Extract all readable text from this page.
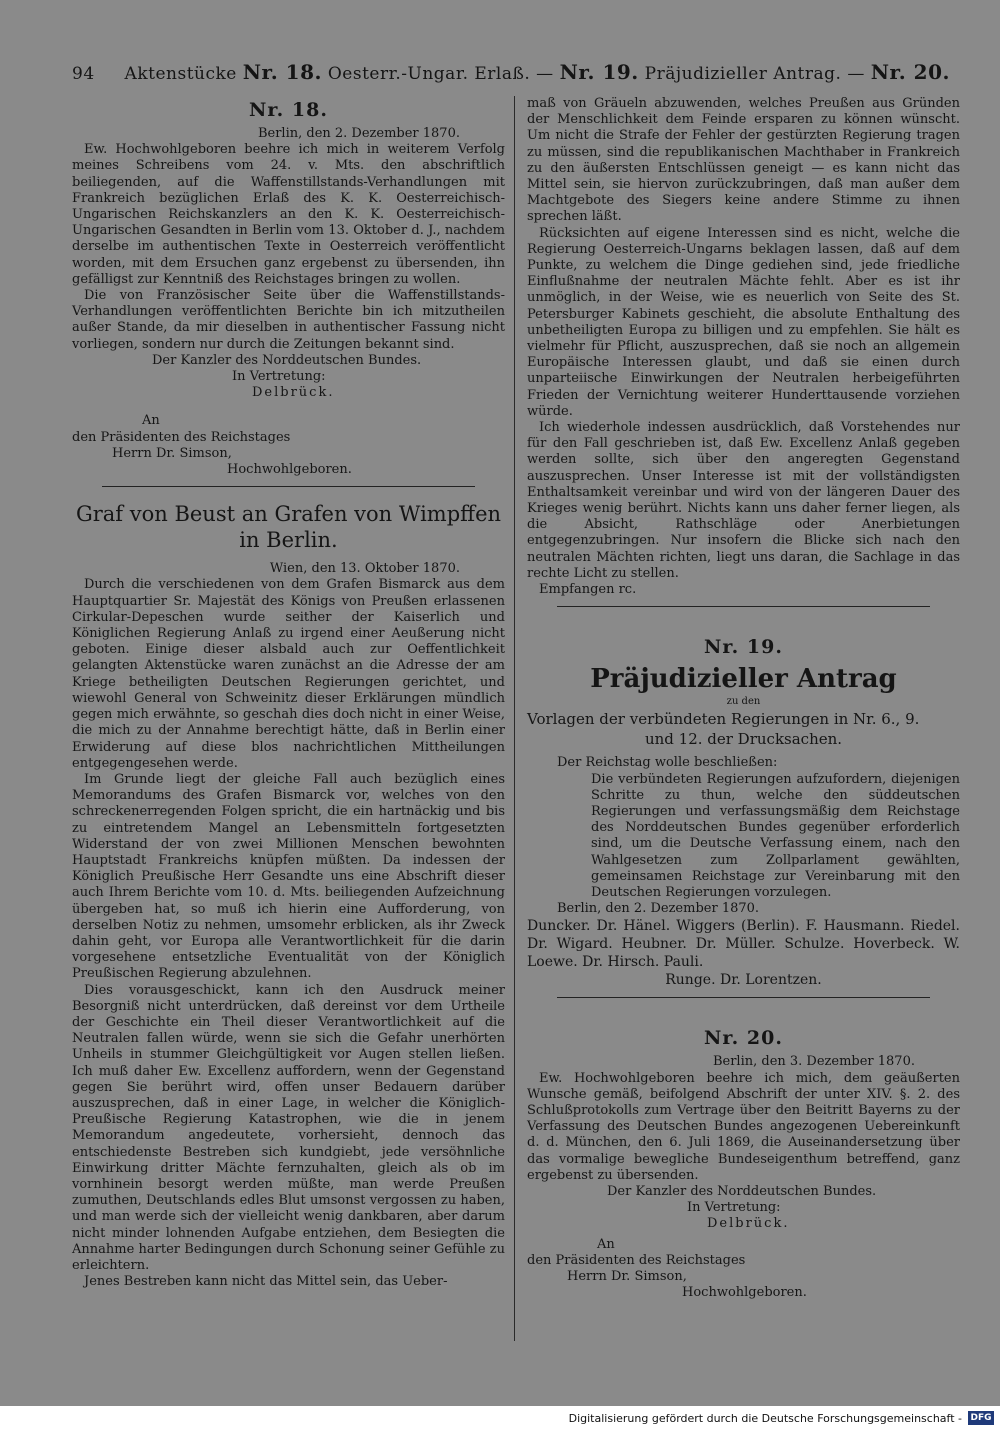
94 Aktenstücke Nr. 18. Oesterr.-Ungar. Erlaß. — Nr. 19. Präjudizieller Antrag. — Nr. 20.

Nr. 18.

Berlin, den 2. Dezember 1870.

Ew. Hochwohlgeboren beehre ich mich in weiterem Verfolg meines Schreibens vom 24. v. Mts. den abschriftlich beiliegenden, auf die Waffenstillstands-Verhandlungen mit Frankreich bezüglichen Erlaß des K. K. Oesterreichisch-Ungarischen Reichskanzlers an den K. K. Oesterreichisch-Ungarischen Gesandten in Berlin vom 13. Oktober d. J., nachdem derselbe im authentischen Texte in Oesterreich veröffentlicht worden, mit dem Ersuchen ganz ergebenst zu übersenden, ihn gefälligst zur Kenntniß des Reichstages bringen zu wollen.

Die von Französischer Seite über die Waffenstillstands-Verhandlungen veröffentlichten Berichte bin ich mitzutheilen außer Stande, da mir dieselben in authentischer Fassung nicht vorliegen, sondern nur durch die Zeitungen bekannt sind.

Der Kanzler des Norddeutschen Bundes.

In Vertretung:

Delbrück.

An
den Präsidenten des Reichstages
Herrn Dr. Simson,
Hochwohlgeboren.

Graf von Beust an Grafen von Wimpffen in Berlin.

Wien, den 13. Oktober 1870.

Durch die verschiedenen von dem Grafen Bismarck aus dem Hauptquartier Sr. Majestät des Königs von Preußen erlassenen Cirkular-Depeschen wurde seither der Kaiserlich und Königlichen Regierung Anlaß zu irgend einer Aeußerung nicht geboten. Einige dieser alsbald auch zur Oeffentlichkeit gelangten Aktenstücke waren zunächst an die Adresse der am Kriege betheiligten Deutschen Regierungen gerichtet, und wiewohl General von Schweinitz dieser Erklärungen mündlich gegen mich erwähnte, so geschah dies doch nicht in einer Weise, die mich zu der Annahme berechtigt hätte, daß in Berlin einer Erwiderung auf diese blos nachrichtlichen Mittheilungen entgegengesehen werde.

Im Grunde liegt der gleiche Fall auch bezüglich eines Memorandums des Grafen Bismarck vor, welches von den schreckenerregenden Folgen spricht, die ein hartnäckig und bis zu eintretendem Mangel an Lebensmitteln fortgesetzten Widerstand der von zwei Millionen Menschen bewohnten Hauptstadt Frankreichs knüpfen müßten. Da indessen der Königlich Preußische Herr Gesandte uns eine Abschrift dieser auch Ihrem Berichte vom 10. d. Mts. beiliegenden Aufzeichnung übergeben hat, so muß ich hierin eine Aufforderung, von derselben Notiz zu nehmen, umsomehr erblicken, als ihr Zweck dahin geht, vor Europa alle Verantwortlichkeit für die darin vorgesehene entsetzliche Eventualität von der Königlich Preußischen Regierung abzulehnen.

Dies vorausgeschickt, kann ich den Ausdruck meiner Besorgniß nicht unterdrücken, daß dereinst vor dem Urtheile der Geschichte ein Theil dieser Verantwortlichkeit auf die Neutralen fallen würde, wenn sie sich die Gefahr unerhörten Unheils in stummer Gleichgültigkeit vor Augen stellen ließen. Ich muß daher Ew. Excellenz auffordern, wenn der Gegenstand gegen Sie berührt wird, offen unser Bedauern darüber auszusprechen, daß in einer Lage, in welcher die Königlich-Preußische Regierung Katastrophen, wie die in jenem Memorandum angedeutete, vorhersieht, dennoch das entschiedenste Bestreben sich kundgiebt, jede versöhnliche Einwirkung dritter Mächte fernzuhalten, gleich als ob im vornhinein besorgt werden müßte, man werde Preußen zumuthen, Deutschlands edles Blut umsonst vergossen zu haben, und man werde sich der vielleicht wenig dankbaren, aber darum nicht minder lohnenden Aufgabe entziehen, dem Besiegten die Annahme harter Bedingungen durch Schonung seiner Gefühle zu erleichtern.

Jenes Bestreben kann nicht das Mittel sein, das Ueber-

maß von Gräueln abzuwenden, welches Preußen aus Gründen der Menschlichkeit dem Feinde ersparen zu können wünscht. Um nicht die Strafe der Fehler der gestürzten Regierung tragen zu müssen, sind die republikanischen Machthaber in Frankreich zu den äußersten Entschlüssen geneigt — es kann nicht das Mittel sein, sie hiervon zurückzubringen, daß man außer dem Machtgebote des Siegers keine andere Stimme zu ihnen sprechen läßt.

Rücksichten auf eigene Interessen sind es nicht, welche die Regierung Oesterreich-Ungarns beklagen lassen, daß auf dem Punkte, zu welchem die Dinge gediehen sind, jede friedliche Einflußnahme der neutralen Mächte fehlt. Aber es ist ihr unmöglich, in der Weise, wie es neuerlich von Seite des St. Petersburger Kabinets geschieht, die absolute Enthaltung des unbetheiligten Europa zu billigen und zu empfehlen. Sie hält es vielmehr für Pflicht, auszusprechen, daß sie noch an allgemein Europäische Interessen glaubt, und daß sie einen durch unparteiische Einwirkungen der Neutralen herbeigeführten Frieden der Vernichtung weiterer Hunderttausende vorziehen würde.

Ich wiederhole indessen ausdrücklich, daß Vorstehendes nur für den Fall geschrieben ist, daß Ew. Excellenz Anlaß gegeben werden sollte, sich über den angeregten Gegenstand auszusprechen. Unser Interesse ist mit der vollständigsten Enthaltsamkeit vereinbar und wird von der längeren Dauer des Krieges wenig berührt. Nichts kann uns daher ferner liegen, als die Absicht, Rathschläge oder Anerbietungen entgegenzubringen. Nur insofern die Blicke sich nach den neutralen Mächten richten, liegt uns daran, die Sachlage in das rechte Licht zu stellen.

Empfangen rc.

Nr. 19.

Präjudizieller Antrag

zu den

Vorlagen der verbündeten Regierungen in Nr. 6., 9.

und 12. der Drucksachen.

Der Reichstag wolle beschließen:

Die verbündeten Regierungen aufzufordern, diejenigen Schritte zu thun, welche den süddeutschen Regierungen und verfassungsmäßig dem Reichstage des Norddeutschen Bundes gegenüber erforderlich sind, um die Deutsche Verfassung einem, nach den Wahlgesetzen zum Zollparlament gewählten, gemeinsamen Reichstage zur Vereinbarung mit den Deutschen Regierungen vorzulegen.

Berlin, den 2. Dezember 1870.

Duncker. Dr. Hänel. Wiggers (Berlin). F. Hausmann. Riedel. Dr. Wigard. Heubner. Dr. Müller. Schulze. Hoverbeck. W. Loewe. Dr. Hirsch. Pauli.
Runge. Dr. Lorentzen.

Nr. 20.

Berlin, den 3. Dezember 1870.

Ew. Hochwohlgeboren beehre ich mich, dem geäußerten Wunsche gemäß, beifolgend Abschrift der unter XIV. §. 2. des Schlußprotokolls zum Vertrage über den Beitritt Bayerns zu der Verfassung des Deutschen Bundes angezogenen Uebereinkunft d. d. München, den 6. Juli 1869, die Auseinandersetzung über das vormalige bewegliche Bundeseigenthum betreffend, ganz ergebenst zu übersenden.

Der Kanzler des Norddeutschen Bundes.

In Vertretung:

Delbrück.

An
den Präsidenten des Reichstages
Herrn Dr. Simson,
Hochwohlgeboren.
Digitalisierung gefördert durch die Deutsche Forschungsgemeinschaft - DFG
